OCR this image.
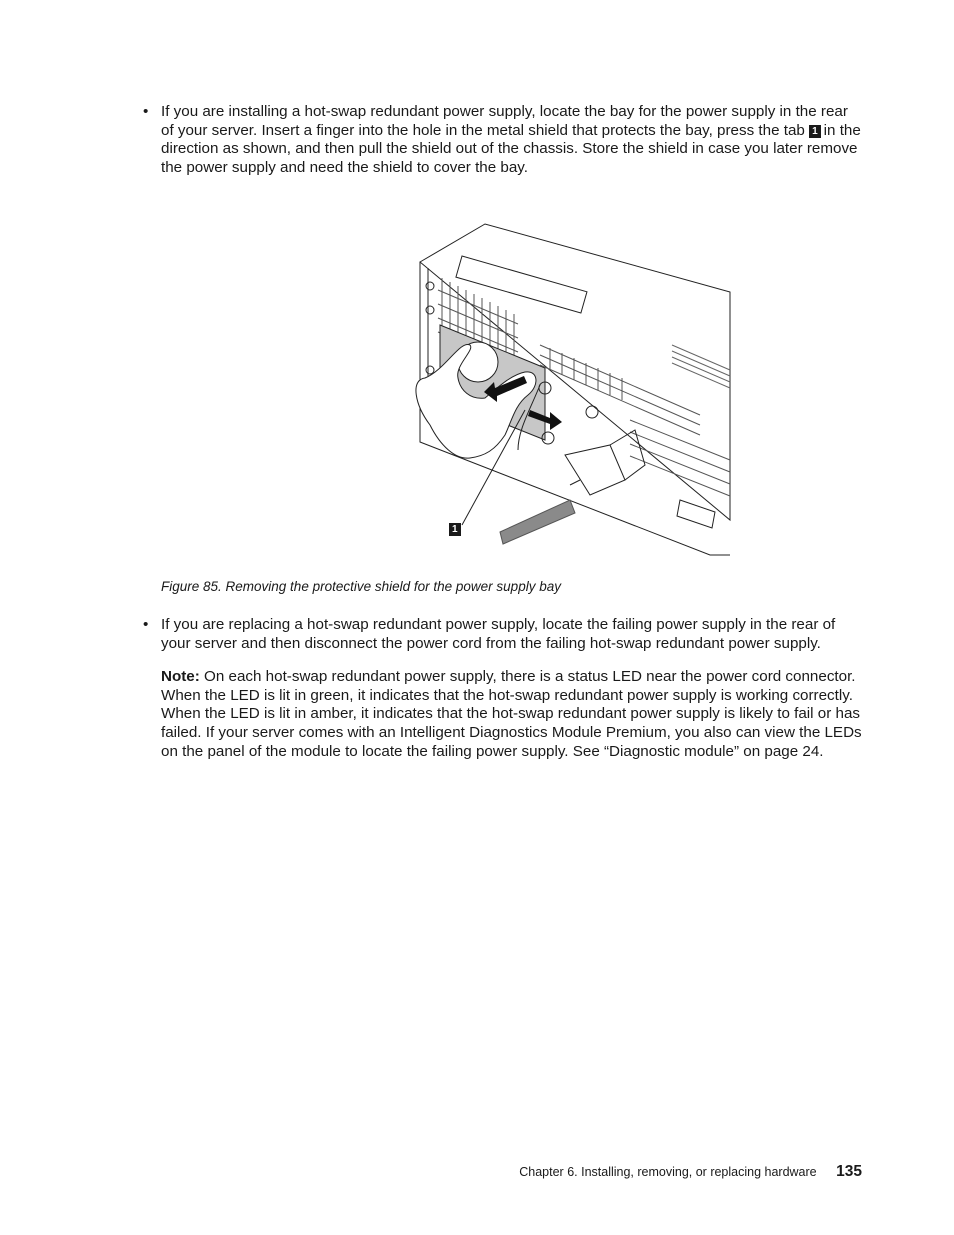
• If you are installing a hot-swap redundant power supply, locate the bay for the power supply in the rear of your server. Insert a finger into the hole in the metal shield that protects the bay, press the tab 1 in the direction as shown, and then pull the shield out of the chassis. Store the shield in case you later remove the power supply and need the shield to cover the bay.
1
Figure 85. Removing the protective shield for the power supply bay
• If you are replacing a hot-swap redundant power supply, locate the failing power supply in the rear of your server and then disconnect the power cord from the failing hot-swap redundant power supply.
Note: On each hot-swap redundant power supply, there is a status LED near the power cord connector. When the LED is lit in green, it indicates that the hot-swap redundant power supply is working correctly. When the LED is lit in amber, it indicates that the hot-swap redundant power supply is likely to fail or has failed. If your server comes with an Intelligent Diagnostics Module Premium, you also can view the LEDs on the panel of the module to locate the failing power supply. See “Diagnostic module” on page 24.
Chapter 6. Installing, removing, or replacing hardware 135
